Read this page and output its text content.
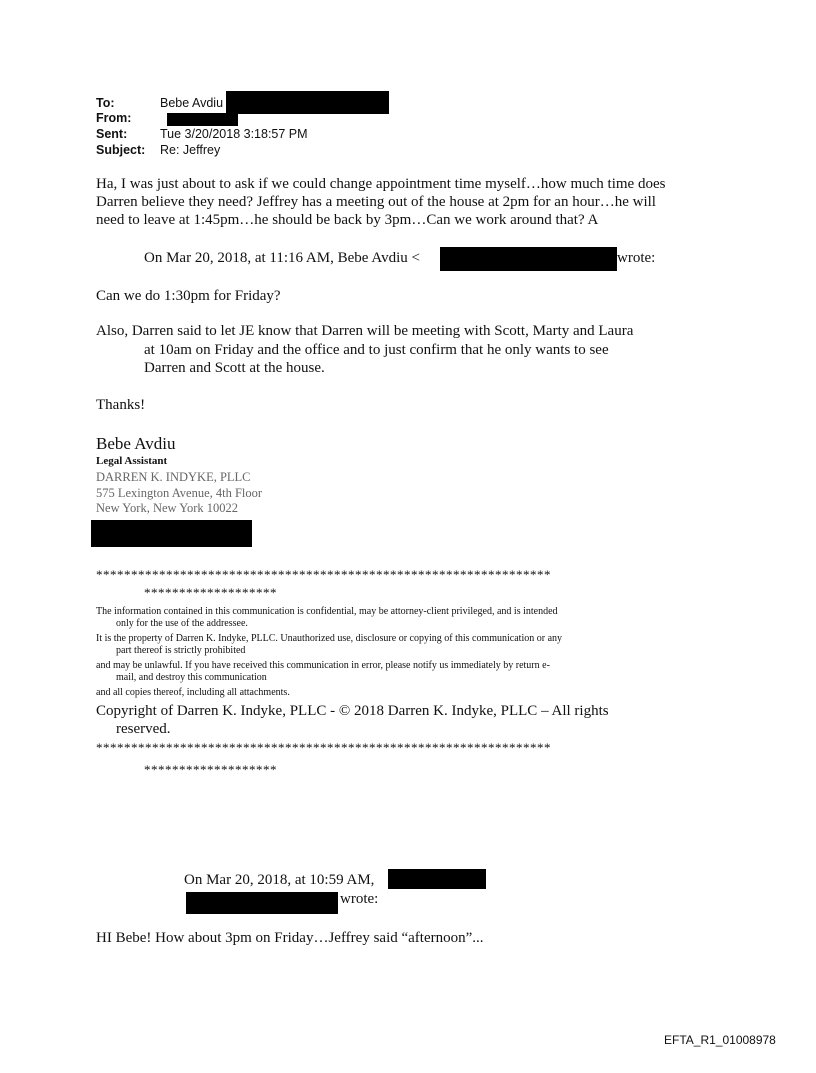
To:	Bebe Avdiu
From:
Sent:	Tue 3/20/2018 3:18:57 PM
Subject: Re: Jeffrey
Ha, I was just about to ask if we could change appointment time myself…how much time does
Darren believe they need? Jeffrey has a meeting out of the house at 2pm for an hour…he will
need to leave at 1:45pm…he should be back by 3pm…Can we work around that? A
On Mar 20, 2018, at 11:16 AM, Bebe Avdiu <	wrote:
Can we do 1:30pm for Friday?
Also, Darren said to let JE know that Darren will be meeting with Scott, Marty and Laura
at 10am on Friday and the office and to just confirm that he only wants to see
Darren and Scott at the house.
Thanks!
Bebe Avdiu
Legal Assistant
DARREN K. INDYKE, PLLC
575 Lexington Avenue, 4th Floor
New York, New York 10022
*****************************************************************
*******************
The information contained in this communication is confidential, may be attorney-client privileged, and is intended
only for the use of the addressee.
It is the property of Darren K. Indyke, PLLC. Unauthorized use, disclosure or copying of this communication or any
part thereof is strictly prohibited
and may be unlawful. If you have received this communication in error, please notify us immediately by return e-
mail, and destroy this communication
and all copies thereof, including all attachments.
Copyright of Darren K. Indyke, PLLC - © 2018 Darren K. Indyke, PLLC – All rights
reserved.
*****************************************************************
*******************
On Mar 20, 2018, at 10:59 AM,
wrote:
HI Bebe! How about 3pm on Friday…Jeffrey said “afternoon”...
EFTA_R1_01008978
